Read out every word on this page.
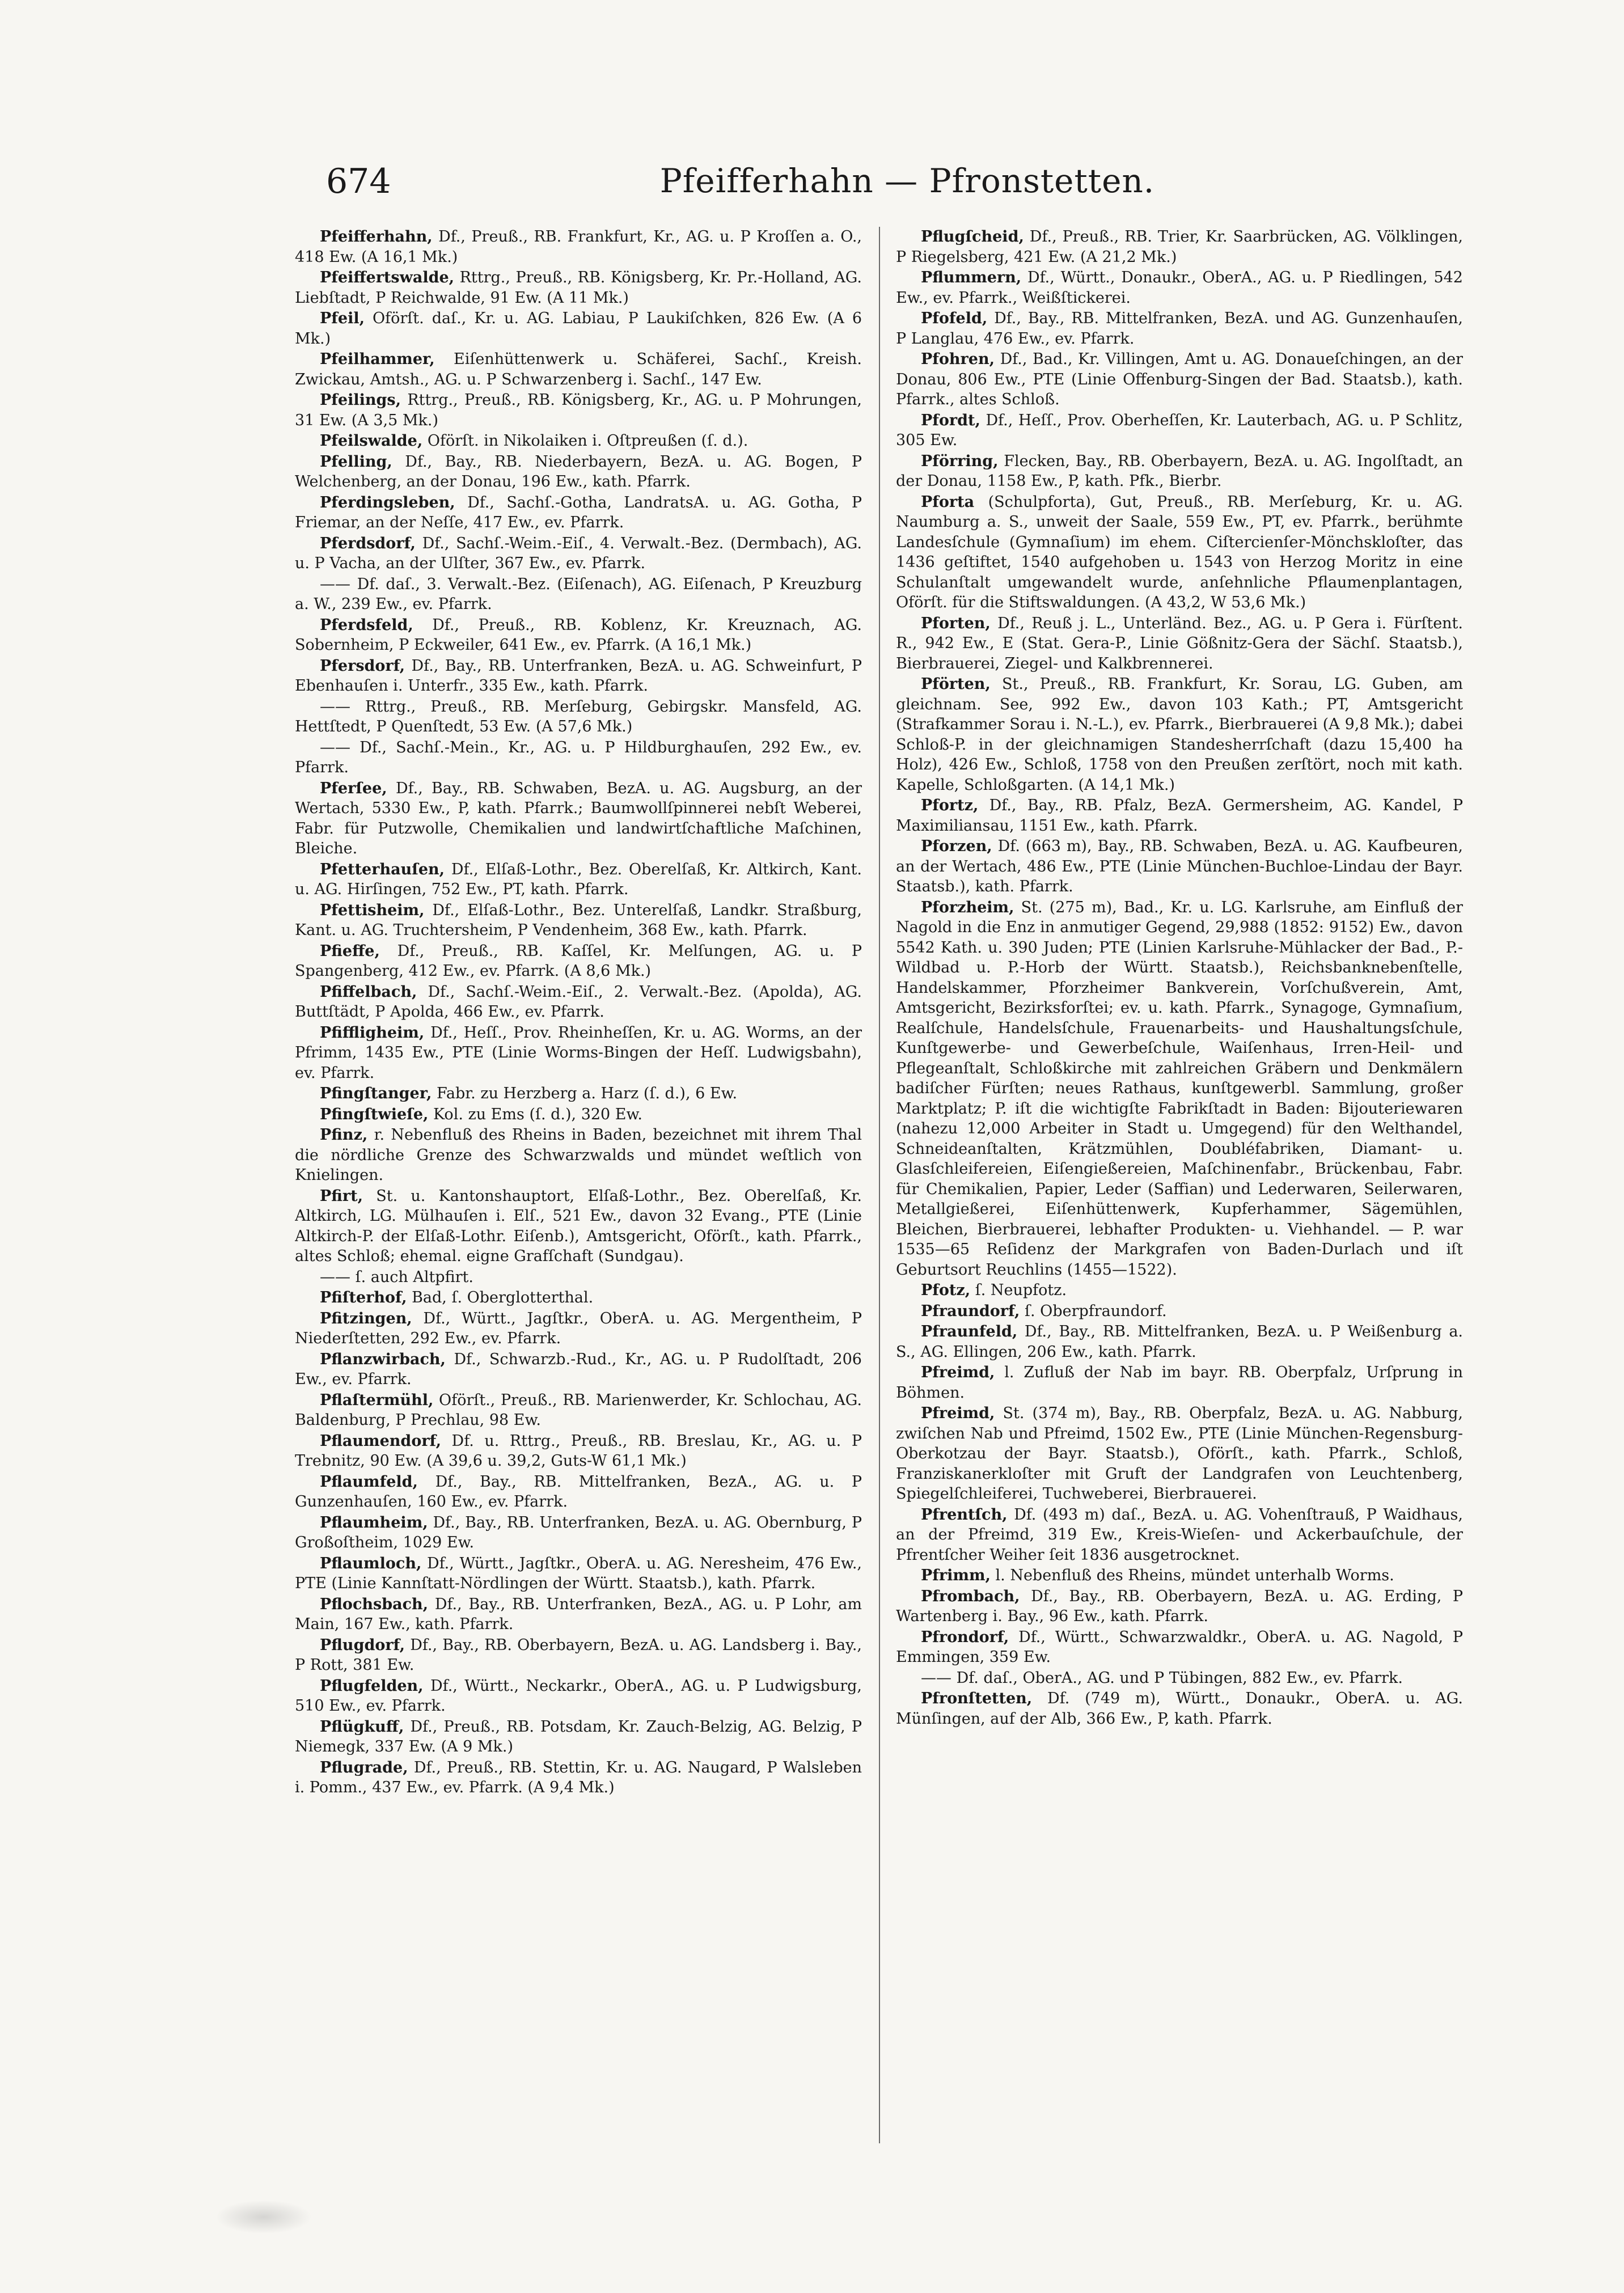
674	Pfeifferhahn — Pfronstetten.

Pfeifferhahn, Df., Preuß., RB. Frankfurt, Kr., AG. u. P Kroſſen a. O., 418 Ew. (A 16,1 Mk.)

Pfeiffertswalde, Rttrg., Preuß., RB. Königsberg, Kr. Pr.-Holland, AG. Liebſtadt, P Reichwalde, 91 Ew. (A 11 Mk.)

Pfeil, Oförſt. daſ., Kr. u. AG. Labiau, P Laukiſchken, 826 Ew. (A 6 Mk.)

Pfeilhammer, Eiſenhüttenwerk u. Schäferei, Sachſ., Kreish. Zwickau, Amtsh., AG. u. P Schwarzenberg i. Sachſ., 147 Ew.

Pfeilings, Rttrg., Preuß., RB. Königsberg, Kr., AG. u. P Mohrungen, 31 Ew. (A 3,5 Mk.)

Pfeilswalde, Oförſt. in Nikolaiken i. Oſtpreußen (ſ. d.).

Pfelling, Df., Bay., RB. Niederbayern, BezA. u. AG. Bogen, P Welchenberg, an der Donau, 196 Ew., kath. Pfarrk.

Pferdingsleben, Df., Sachſ.-Gotha, LandratsA. u. AG. Gotha, P Friemar, an der Neſſe, 417 Ew., ev. Pfarrk.

Pferdsdorf, Df., Sachſ.-Weim.-Eiſ., 4. Verwalt.-Bez. (Dermbach), AG. u. P Vacha, an der Ulſter, 367 Ew., ev. Pfarrk.

—— Df. daſ., 3. Verwalt.-Bez. (Eiſenach), AG. Eiſenach, P Kreuzburg a. W., 239 Ew., ev. Pfarrk.

Pferdsfeld, Df., Preuß., RB. Koblenz, Kr. Kreuznach, AG. Sobernheim, P Eckweiler, 641 Ew., ev. Pfarrk. (A 16,1 Mk.)

Pfersdorf, Df., Bay., RB. Unterfranken, BezA. u. AG. Schweinfurt, P Ebenhauſen i. Unterfr., 335 Ew., kath. Pfarrk.

—— Rttrg., Preuß., RB. Merſeburg, Gebirgskr. Mansfeld, AG. Hettſtedt, P Quenſtedt, 53 Ew. (A 57,6 Mk.)

—— Df., Sachſ.-Mein., Kr., AG. u. P Hildburghauſen, 292 Ew., ev. Pfarrk.

Pferſee, Df., Bay., RB. Schwaben, BezA. u. AG. Augsburg, an der Wertach, 5330 Ew., P, kath. Pfarrk.; Baumwollſpinnerei nebſt Weberei, Fabr. für Putzwolle, Chemikalien und landwirtſchaftliche Maſchinen, Bleiche.

Pfetterhauſen, Df., Elſaß-Lothr., Bez. Oberelſaß, Kr. Altkirch, Kant. u. AG. Hirſingen, 752 Ew., PT, kath. Pfarrk.

Pfettisheim, Df., Elſaß-Lothr., Bez. Unterelſaß, Landkr. Straßburg, Kant. u. AG. Truchtersheim, P Vendenheim, 368 Ew., kath. Pfarrk.

Pfieffe, Df., Preuß., RB. Kaſſel, Kr. Melſungen, AG. u. P Spangenberg, 412 Ew., ev. Pfarrk. (A 8,6 Mk.)

Pfiffelbach, Df., Sachſ.-Weim.-Eiſ., 2. Verwalt.-Bez. (Apolda), AG. Buttſtädt, P Apolda, 466 Ew., ev. Pfarrk.

Pfiffligheim, Df., Heſſ., Prov. Rheinheſſen, Kr. u. AG. Worms, an der Pfrimm, 1435 Ew., PTE (Linie Worms-Bingen der Heſſ. Ludwigsbahn), ev. Pfarrk.

Pfingſtanger, Fabr. zu Herzberg a. Harz (ſ. d.), 6 Ew.

Pfingſtwieſe, Kol. zu Ems (ſ. d.), 320 Ew.

Pfinz, r. Nebenfluß des Rheins in Baden, bezeichnet mit ihrem Thal die nördliche Grenze des Schwarzwalds und mündet weſtlich von Knielingen.

Pfirt, St. u. Kantonshauptort, Elſaß-Lothr., Bez. Oberelſaß, Kr. Altkirch, LG. Mülhauſen i. Elſ., 521 Ew., davon 32 Evang., PTE (Linie Altkirch-P. der Elſaß-Lothr. Eiſenb.), Amtsgericht, Oförſt., kath. Pfarrk., altes Schloß; ehemal. eigne Grafſchaft (Sundgau).

—— ſ. auch Altpfirt.

Pfiſterhof, Bad, ſ. Oberglotterthal.

Pfitzingen, Df., Württ., Jagſtkr., OberA. u. AG. Mergentheim, P Niederſtetten, 292 Ew., ev. Pfarrk.

Pflanzwirbach, Df., Schwarzb.-Rud., Kr., AG. u. P Rudolſtadt, 206 Ew., ev. Pfarrk.

Pflaſtermühl, Oförſt., Preuß., RB. Marienwerder, Kr. Schlochau, AG. Baldenburg, P Prechlau, 98 Ew.

Pflaumendorf, Df. u. Rttrg., Preuß., RB. Breslau, Kr., AG. u. P Trebnitz, 90 Ew. (A 39,6 u. 39,2, Guts-W 61,1 Mk.)

Pflaumfeld, Df., Bay., RB. Mittelfranken, BezA., AG. u. P Gunzenhauſen, 160 Ew., ev. Pfarrk.

Pflaumheim, Df., Bay., RB. Unterfranken, BezA. u. AG. Obernburg, P Großoſtheim, 1029 Ew.

Pflaumloch, Df., Württ., Jagſtkr., OberA. u. AG. Neresheim, 476 Ew., PTE (Linie Kannſtatt-Nördlingen der Württ. Staatsb.), kath. Pfarrk.

Pflochsbach, Df., Bay., RB. Unterfranken, BezA., AG. u. P Lohr, am Main, 167 Ew., kath. Pfarrk.

Pflugdorf, Df., Bay., RB. Oberbayern, BezA. u. AG. Landsberg i. Bay., P Rott, 381 Ew.

Pflugfelden, Df., Württ., Neckarkr., OberA., AG. u. P Ludwigsburg, 510 Ew., ev. Pfarrk.

Pflügkuff, Df., Preuß., RB. Potsdam, Kr. Zauch-Belzig, AG. Belzig, P Niemegk, 337 Ew. (A 9 Mk.)

Pflugrade, Df., Preuß., RB. Stettin, Kr. u. AG. Naugard, P Walsleben i. Pomm., 437 Ew., ev. Pfarrk. (A 9,4 Mk.)

Pflugſcheid, Df., Preuß., RB. Trier, Kr. Saarbrücken, AG. Völklingen, P Riegelsberg, 421 Ew. (A 21,2 Mk.)

Pflummern, Df., Württ., Donaukr., OberA., AG. u. P Riedlingen, 542 Ew., ev. Pfarrk., Weißſtickerei.

Pfofeld, Df., Bay., RB. Mittelfranken, BezA. und AG. Gunzenhauſen, P Langlau, 476 Ew., ev. Pfarrk.

Pfohren, Df., Bad., Kr. Villingen, Amt u. AG. Donaueſchingen, an der Donau, 806 Ew., PTE (Linie Offenburg-Singen der Bad. Staatsb.), kath. Pfarrk., altes Schloß.

Pfordt, Df., Heſſ., Prov. Oberheſſen, Kr. Lauterbach, AG. u. P Schlitz, 305 Ew.

Pförring, Flecken, Bay., RB. Oberbayern, BezA. u. AG. Ingolſtadt, an der Donau, 1158 Ew., P, kath. Pfk., Bierbr.

Pforta (Schulpforta), Gut, Preuß., RB. Merſeburg, Kr. u. AG. Naumburg a. S., unweit der Saale, 559 Ew., PT, ev. Pfarrk., berühmte Landesſchule (Gymnaſium) im ehem. Ciſtercienſer-Mönchskloſter, das 1436 geſtiftet, 1540 aufgehoben u. 1543 von Herzog Moritz in eine Schulanſtalt umgewandelt wurde, anſehnliche Pflaumenplantagen, Oförſt. für die Stiftswaldungen. (A 43,2, W 53,6 Mk.)

Pforten, Df., Reuß j. L., Unterländ. Bez., AG. u. P Gera i. Fürſtent. R., 942 Ew., E (Stat. Gera-P., Linie Gößnitz-Gera der Sächſ. Staatsb.), Bierbrauerei, Ziegel- und Kalkbrennerei.

Pförten, St., Preuß., RB. Frankfurt, Kr. Sorau, LG. Guben, am gleichnam. See, 992 Ew., davon 103 Kath.; PT, Amtsgericht (Strafkammer Sorau i. N.-L.), ev. Pfarrk., Bierbrauerei (A 9,8 Mk.); dabei Schloß-P. in der gleichnamigen Standesherrſchaft (dazu 15,400 ha Holz), 426 Ew., Schloß, 1758 von den Preußen zerſtört, noch mit kath. Kapelle, Schloßgarten. (A 14,1 Mk.)

Pfortz, Df., Bay., RB. Pfalz, BezA. Germersheim, AG. Kandel, P Maximiliansau, 1151 Ew., kath. Pfarrk.

Pforzen, Df. (663 m), Bay., RB. Schwaben, BezA. u. AG. Kaufbeuren, an der Wertach, 486 Ew., PTE (Linie München-Buchloe-Lindau der Bayr. Staatsb.), kath. Pfarrk.

Pforzheim, St. (275 m), Bad., Kr. u. LG. Karlsruhe, am Einfluß der Nagold in die Enz in anmutiger Gegend, 29,988 (1852: 9152) Ew., davon 5542 Kath. u. 390 Juden; PTE (Linien Karlsruhe-Mühlacker der Bad., P.-Wildbad u. P.-Horb der Württ. Staatsb.), Reichsbanknebenſtelle, Handelskammer, Pforzheimer Bankverein, Vorſchußverein, Amt, Amtsgericht, Bezirksforſtei; ev. u. kath. Pfarrk., Synagoge, Gymnaſium, Realſchule, Handelsſchule, Frauenarbeits- und Haushaltungsſchule, Kunſtgewerbe- und Gewerbeſchule, Waiſenhaus, Irren-Heil- und Pflegeanſtalt, Schloßkirche mit zahlreichen Gräbern und Denkmälern badiſcher Fürſten; neues Rathaus, kunſtgewerbl. Sammlung, großer Marktplatz; P. iſt die wichtigſte Fabrikſtadt in Baden: Bijouteriewaren (nahezu 12,000 Arbeiter in Stadt u. Umgegend) für den Welthandel, Schneideanſtalten, Krätzmühlen, Doubléfabriken, Diamant- u. Glasſchleifereien, Eiſengießereien, Maſchinenfabr., Brückenbau, Fabr. für Chemikalien, Papier, Leder (Saffian) und Lederwaren, Seilerwaren, Metallgießerei, Eiſenhüttenwerk, Kupferhammer, Sägemühlen, Bleichen, Bierbrauerei, lebhafter Produkten- u. Viehhandel. — P. war 1535—65 Reſidenz der Markgrafen von Baden-Durlach und iſt Geburtsort Reuchlins (1455—1522).

Pfotz, ſ. Neupfotz.

Pfraundorf, ſ. Oberpfraundorf.

Pfraunfeld, Df., Bay., RB. Mittelfranken, BezA. u. P Weißenburg a. S., AG. Ellingen, 206 Ew., kath. Pfarrk.

Pfreimd, l. Zufluß der Nab im bayr. RB. Oberpfalz, Urſprung in Böhmen.

Pfreimd, St. (374 m), Bay., RB. Oberpfalz, BezA. u. AG. Nabburg, zwiſchen Nab und Pfreimd, 1502 Ew., PTE (Linie München-Regensburg-Oberkotzau der Bayr. Staatsb.), Oförſt., kath. Pfarrk., Schloß, Franziskanerkloſter mit Gruft der Landgrafen von Leuchtenberg, Spiegelſchleiferei, Tuchweberei, Bierbrauerei.

Pfrentſch, Df. (493 m) daſ., BezA. u. AG. Vohenſtrauß, P Waidhaus, an der Pfreimd, 319 Ew., Kreis-Wieſen- und Ackerbauſchule, der Pfrentſcher Weiher ſeit 1836 ausgetrocknet.

Pfrimm, l. Nebenfluß des Rheins, mündet unterhalb Worms.

Pfrombach, Df., Bay., RB. Oberbayern, BezA. u. AG. Erding, P Wartenberg i. Bay., 96 Ew., kath. Pfarrk.

Pfrondorf, Df., Württ., Schwarzwaldkr., OberA. u. AG. Nagold, P Emmingen, 359 Ew.

—— Df. daſ., OberA., AG. und P Tübingen, 882 Ew., ev. Pfarrk.

Pfronſtetten, Df. (749 m), Württ., Donaukr., OberA. u. AG. Münſingen, auf der Alb, 366 Ew., P, kath. Pfarrk.
